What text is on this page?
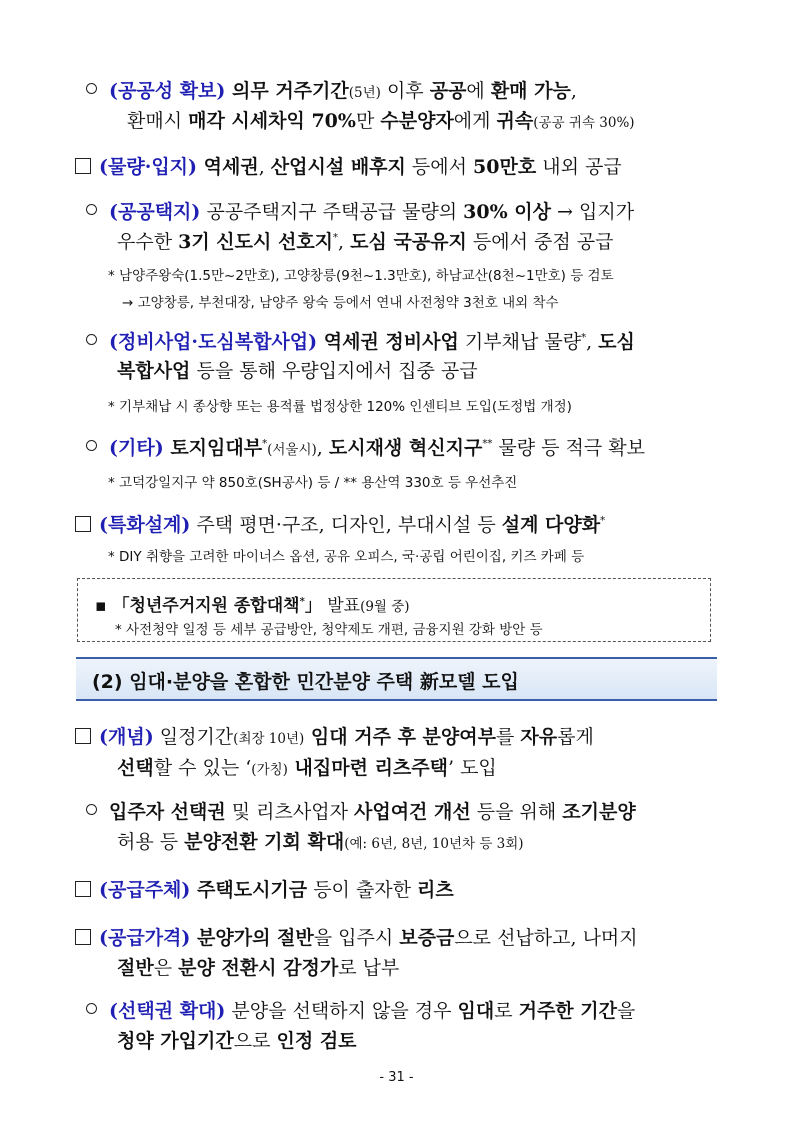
(공공성 확보) 의무 거주기간(5년) 이후 공공에 환매 가능,
환매시 매각 시세차익 70%만 수분양자에게 귀속(공공 귀속 30%)
(물량·입지) 역세권, 산업시설 배후지 등에서 50만호 내외 공급
(공공택지) 공공주택지구 주택공급 물량의 30% 이상 → 입지가
우수한 3기 신도시 선호지*, 도심 국공유지 등에서 중점 공급
* 남양주왕숙(1.5만~2만호), 고양창릉(9천~1.3만호), 하남교산(8천~1만호) 등 검토
→ 고양창릉, 부천대장, 남양주 왕숙 등에서 연내 사전청약 3천호 내외 착수
(정비사업·도심복합사업) 역세권 정비사업 기부채납 물량*, 도심
복합사업 등을 통해 우량입지에서 집중 공급
* 기부채납 시 종상향 또는 용적률 법정상한 120% 인센티브 도입(도정법 개정)
(기타) 토지임대부*(서울시), 도시재생 혁신지구** 물량 등 적극 확보
* 고덕강일지구 약 850호(SH공사) 등 / ** 용산역 330호 등 우선추진
(특화설계) 주택 평면·구조, 디자인, 부대시설 등 설계 다양화*
* DIY 취향을 고려한 마이너스 옵션, 공유 오피스, 국·공립 어린이집, 키즈 카페 등
▪ 「청년주거지원 종합대책*」 발표(9월 중)
* 사전청약 일정 등 세부 공급방안, 청약제도 개편, 금융지원 강화 방안 등
(2) 임대·분양을 혼합한 민간분양 주택 新모델 도입
(개념) 일정기간(최장 10년) 임대 거주 후 분양여부를 자유롭게
선택할 수 있는 ‘(가칭) 내집마련 리츠주택’ 도입
입주자 선택권 및 리츠사업자 사업여건 개선 등을 위해 조기분양
허용 등 분양전환 기회 확대(예: 6년, 8년, 10년차 등 3회)
(공급주체) 주택도시기금 등이 출자한 리츠
(공급가격) 분양가의 절반을 입주시 보증금으로 선납하고, 나머지
절반은 분양 전환시 감정가로 납부
(선택권 확대) 분양을 선택하지 않을 경우 임대로 거주한 기간을
청약 가입기간으로 인정 검토
- 31 -
